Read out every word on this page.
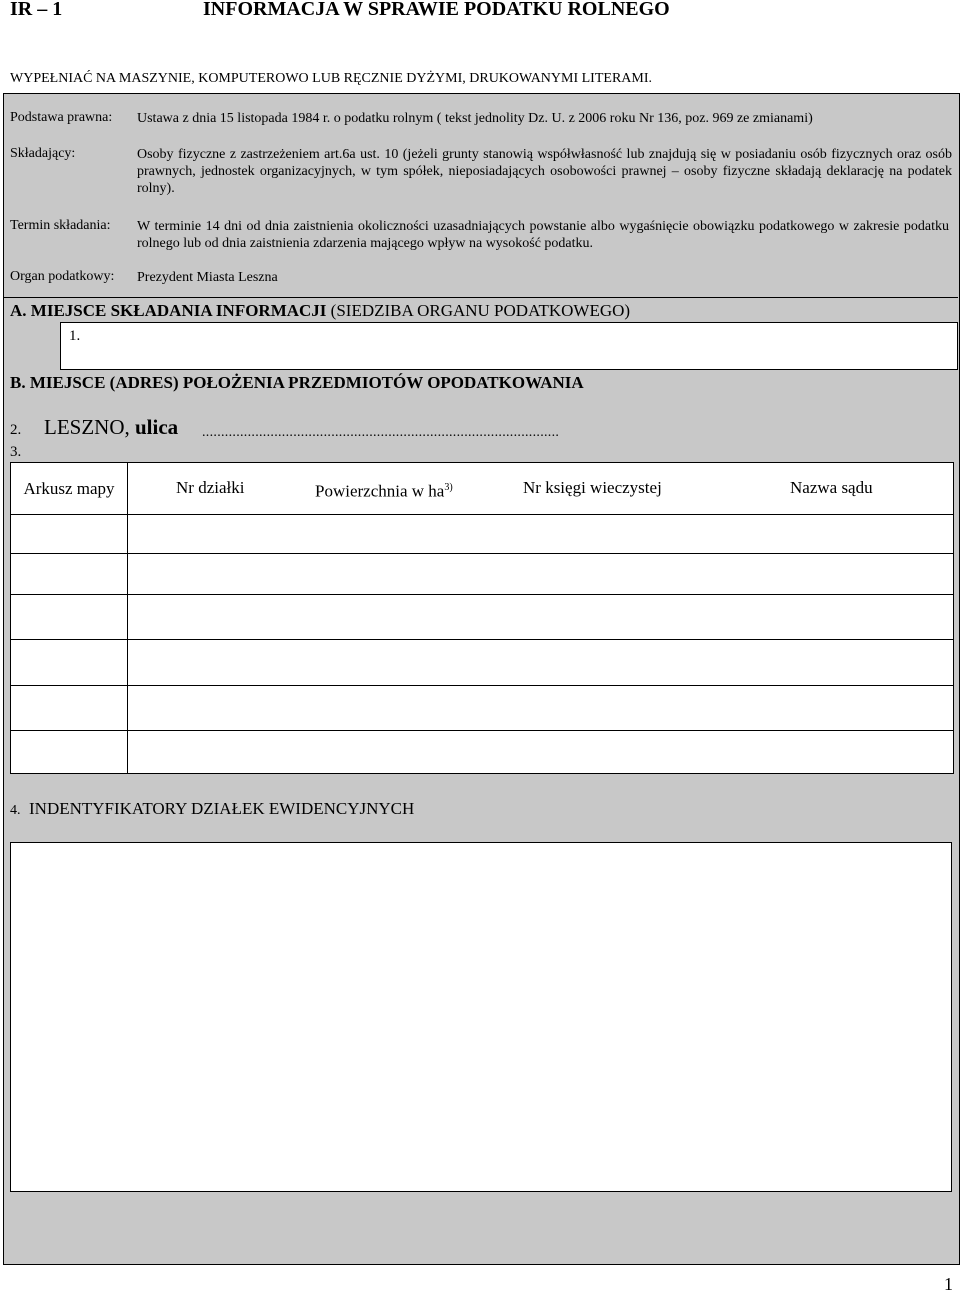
IR – 1	INFORMACJA W SPRAWIE PODATKU ROLNEGO
WYPEŁNIAĆ NA MASZYNIE, KOMPUTEROWO LUB RĘCZNIE DYŻYMI, DRUKOWANYMI LITERAMI.
Podstawa prawna: Ustawa z dnia 15 listopada 1984 r. o podatku rolnym ( tekst jednolity Dz. U. z 2006 roku Nr 136, poz. 969 ze zmianami)
Składający:	Osoby fizyczne z zastrzeżeniem art.6a ust. 10 (jeżeli grunty stanowią współwłasność lub znajdują się w posiadaniu osób fizycznych oraz osób prawnych, jednostek organizacyjnych, w tym spółek, nieposiadających osobowości prawnej – osoby fizyczne składają deklarację na podatek rolny).
Termin składania: W terminie 14 dni od dnia zaistnienia okoliczności uzasadniających powstanie albo wygaśnięcie obowiązku podatkowego w zakresie podatku rolnego lub od dnia zaistnienia zdarzenia mającego wpływ na wysokość podatku.
Organ podatkowy: Prezydent Miasta Leszna
A. MIEJSCE SKŁADANIA INFORMACJI (SIEDZIBA ORGANU PODATKOWEGO)
1.
B. MIEJSCE (ADRES) POŁOŻENIA PRZEDMIOTÓW OPODATKOWANIA
2. LESZNO, ulica ..............................................................................................
3.
Arkusz mapy	Nr działki	Powierzchnia w $ha^{3)}$	Nr księgi wieczystej	Nazwa sądu
4. INDENTYFIKATORY DZIAŁEK EWIDENCYJNYCH
1
